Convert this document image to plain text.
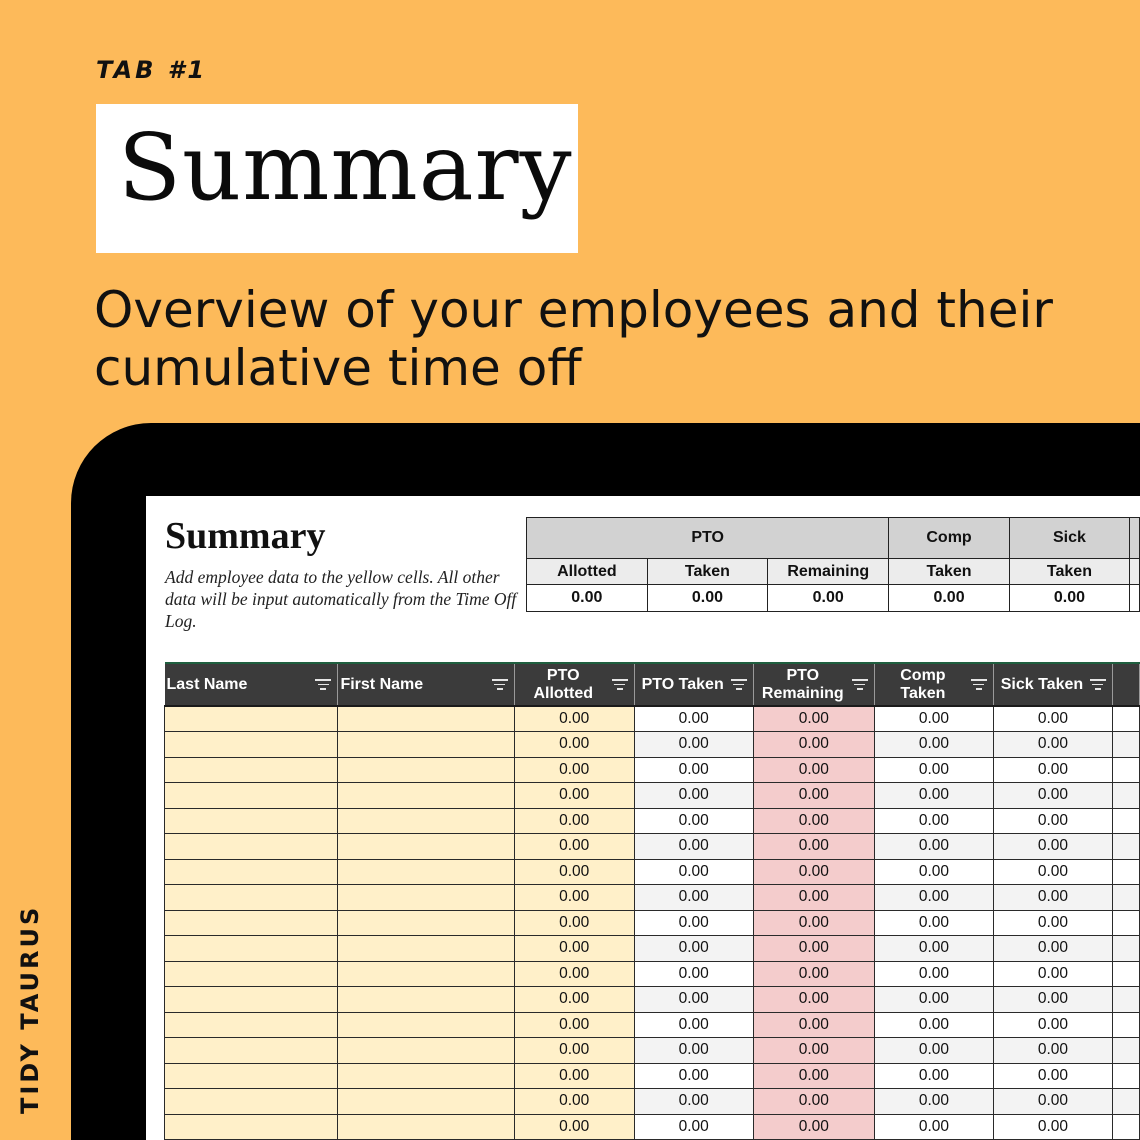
TAB #1
Summary
Overview of your employees and their cumulative time off
TIDY TAURUS
Summary
Add employee data to the yellow cells. All other data will be input automatically from the Time Off Log.
PTO			Comp	Sick	
Allotted	Taken	Remaining	Taken	Taken	
0.00	0.00	0.00	0.00	0.00	
Last Name	First Name	PTO Allotted	PTO Taken	PTO Remaining	Comp Taken	Sick Taken

		0.00	0.00	0.00	0.00	0.00	
		0.00	0.00	0.00	0.00	0.00	
		0.00	0.00	0.00	0.00	0.00	
		0.00	0.00	0.00	0.00	0.00	
		0.00	0.00	0.00	0.00	0.00	
		0.00	0.00	0.00	0.00	0.00	
		0.00	0.00	0.00	0.00	0.00	
		0.00	0.00	0.00	0.00	0.00	
		0.00	0.00	0.00	0.00	0.00	
		0.00	0.00	0.00	0.00	0.00	
		0.00	0.00	0.00	0.00	0.00	
		0.00	0.00	0.00	0.00	0.00	
		0.00	0.00	0.00	0.00	0.00	
		0.00	0.00	0.00	0.00	0.00	
		0.00	0.00	0.00	0.00	0.00	
		0.00	0.00	0.00	0.00	0.00	
		0.00	0.00	0.00	0.00	0.00	
